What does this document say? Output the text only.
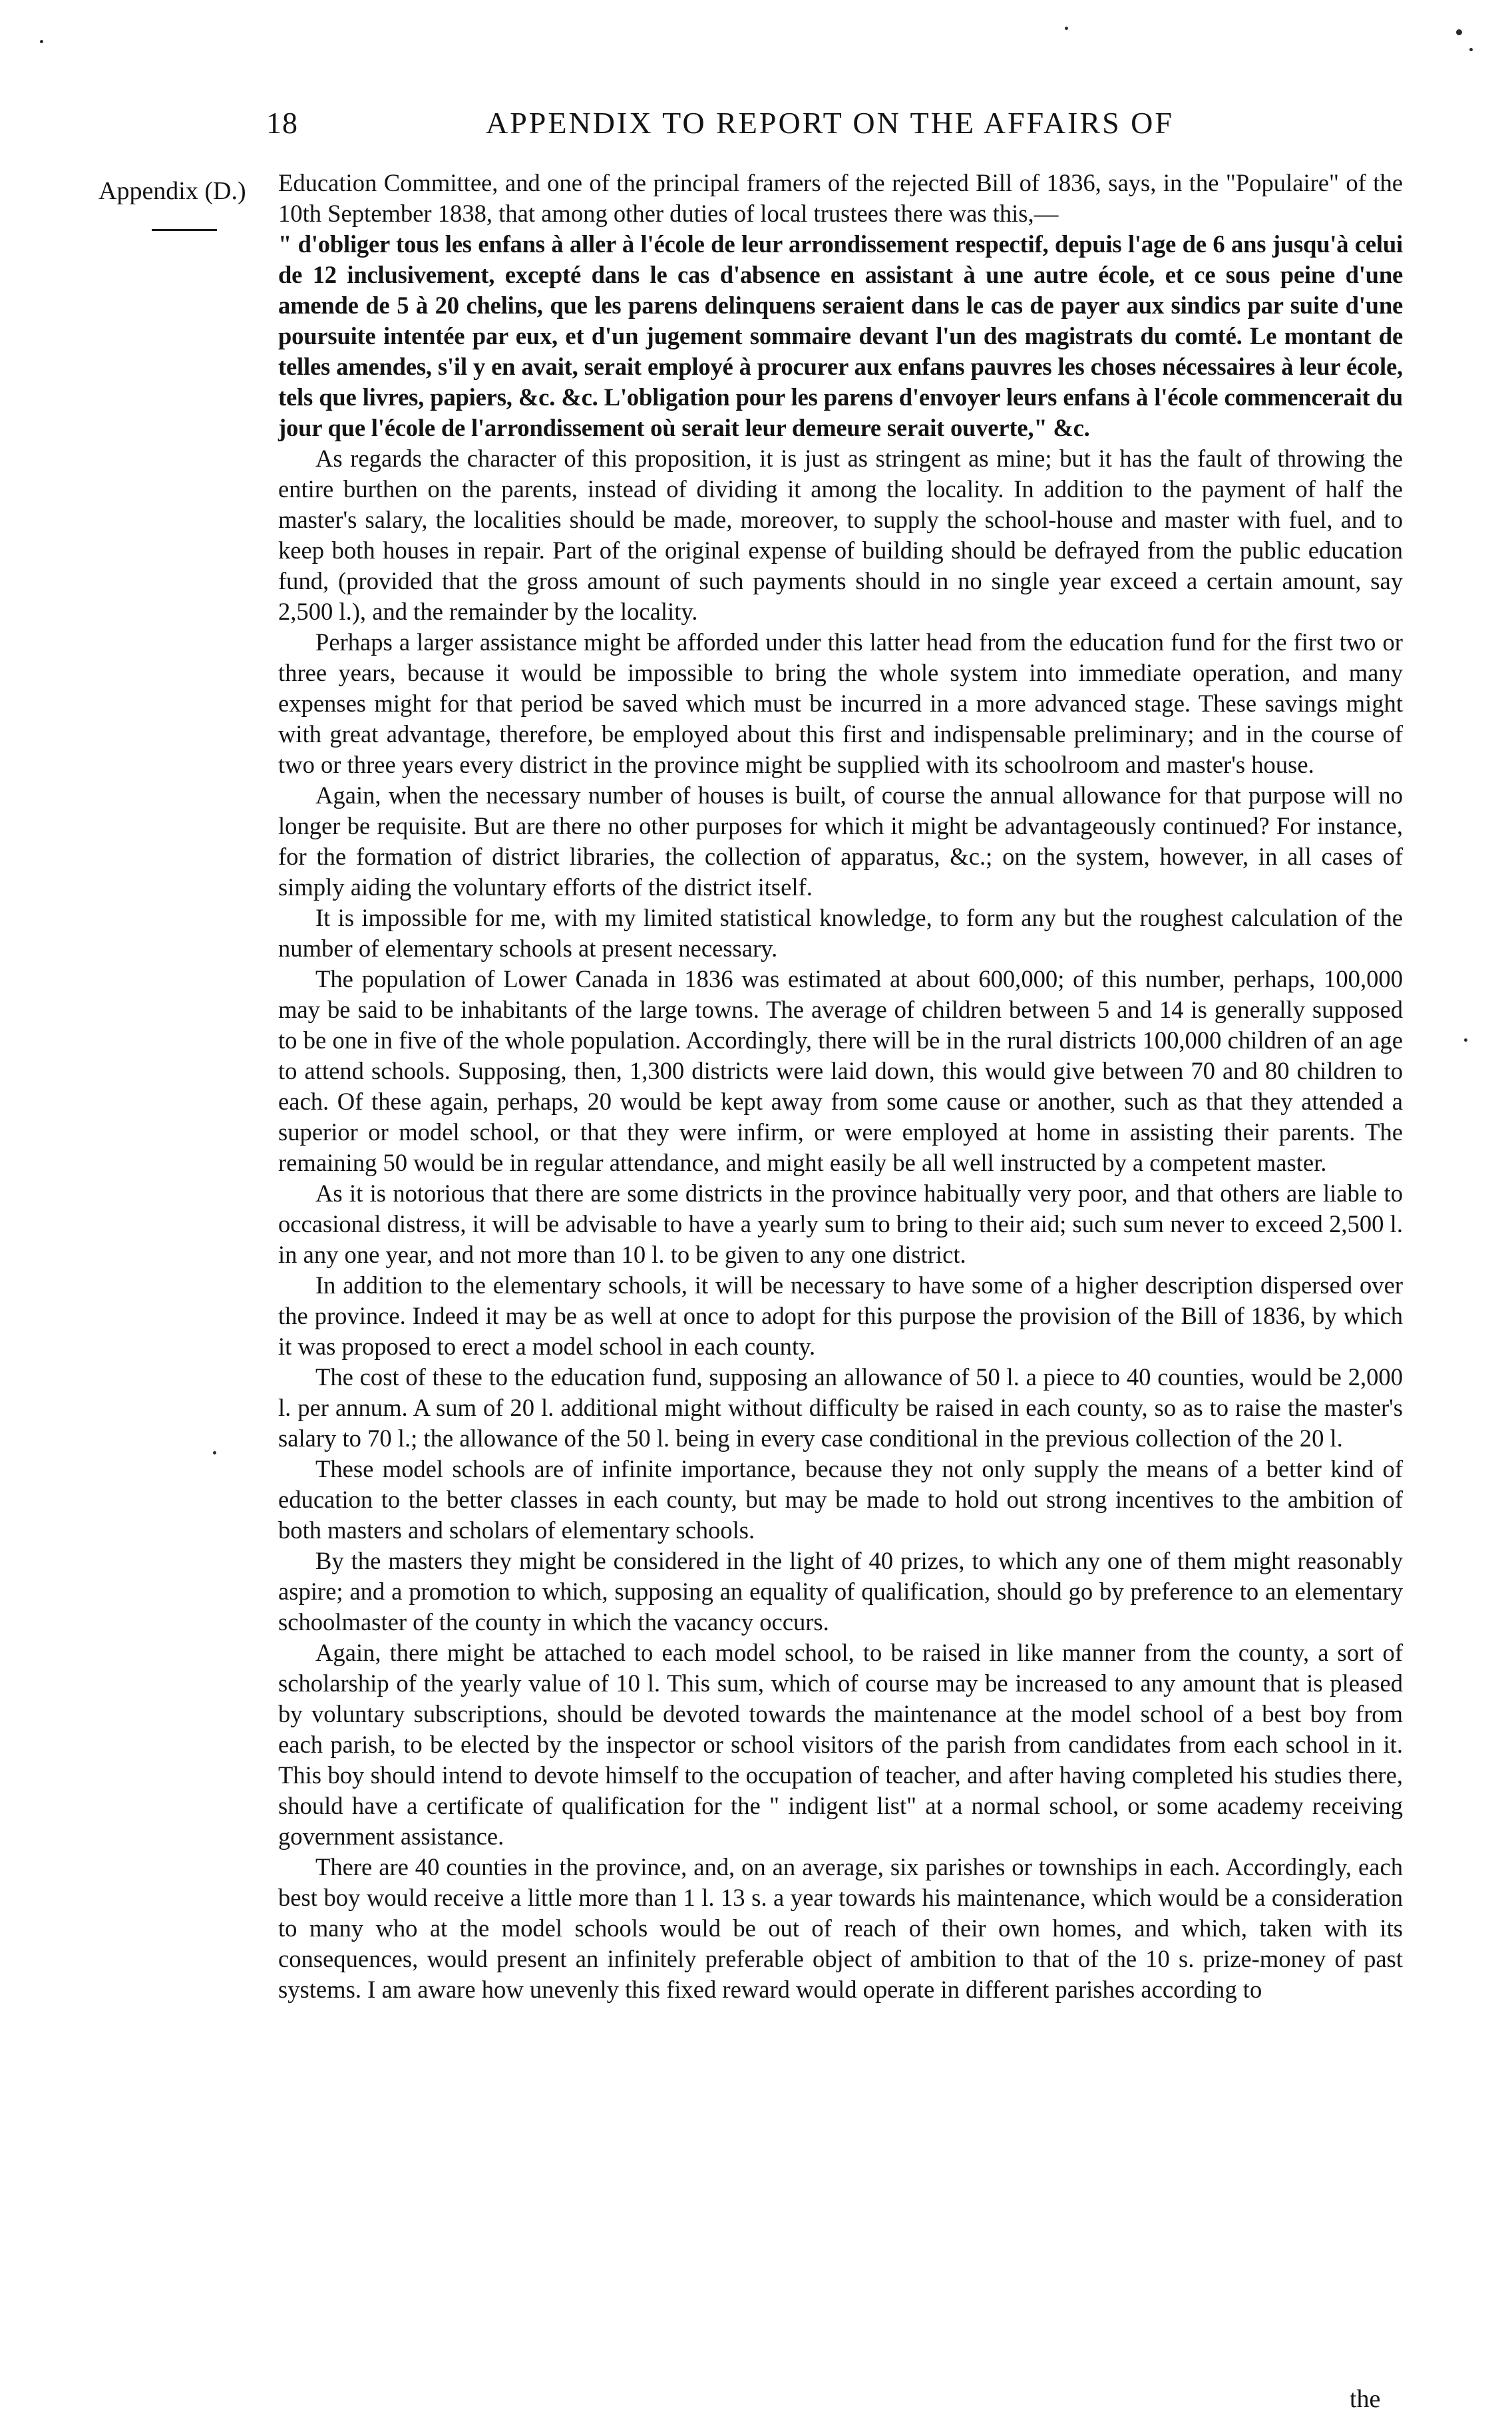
18	APPENDIX TO REPORT ON THE AFFAIRS OF
Appendix (D.) Education Committee, and one of the principal framers of the rejected Bill of 1836, says, in the "Populaire" of the 10th September 1838, that among other duties of local trustees there was this,—

" d'obliger tous les enfans à aller à l'école de leur arrondissement respectif, depuis l'age de 6 ans jusqu'à celui de 12 inclusivement, excepté dans le cas d'absence en assistant à une autre école, et ce sous peine d'une amende de 5 à 20 chelins, que les parens delinquens seraient dans le cas de payer aux sindics par suite d'une poursuite intentée par eux, et d'un jugement sommaire devant l'un des magistrats du comté. Le montant de telles amendes, s'il y en avait, serait employé à procurer aux enfans pauvres les choses nécessaires à leur école, tels que livres, papiers, &c. &c. L'obligation pour les parens d'envoyer leurs enfans à l'école commencerait du jour que l'école de l'arrondissement où serait leur demeure serait ouverte," &c.

As regards the character of this proposition, it is just as stringent as mine; but it has the fault of throwing the entire burthen on the parents, instead of dividing it among the locality. In addition to the payment of half the master's salary, the localities should be made, moreover, to supply the school-house and master with fuel, and to keep both houses in repair. Part of the original expense of building should be defrayed from the public education fund, (provided that the gross amount of such payments should in no single year exceed a certain amount, say 2,500 l.), and the remainder by the locality.

Perhaps a larger assistance might be afforded under this latter head from the education fund for the first two or three years, because it would be impossible to bring the whole system into immediate operation, and many expenses might for that period be saved which must be incurred in a more advanced stage. These savings might with great advantage, therefore, be employed about this first and indispensable preliminary; and in the course of two or three years every district in the province might be supplied with its schoolroom and master's house.

Again, when the necessary number of houses is built, of course the annual allowance for that purpose will no longer be requisite. But are there no other purposes for which it might be advantageously continued? For instance, for the formation of district libraries, the collection of apparatus, &c.; on the system, however, in all cases of simply aiding the voluntary efforts of the district itself.

It is impossible for me, with my limited statistical knowledge, to form any but the roughest calculation of the number of elementary schools at present necessary.

The population of Lower Canada in 1836 was estimated at about 600,000; of this number, perhaps, 100,000 may be said to be inhabitants of the large towns. The average of children between 5 and 14 is generally supposed to be one in five of the whole population. Accordingly, there will be in the rural districts 100,000 children of an age to attend schools. Supposing, then, 1,300 districts were laid down, this would give between 70 and 80 children to each. Of these again, perhaps, 20 would be kept away from some cause or another, such as that they attended a superior or model school, or that they were infirm, or were employed at home in assisting their parents. The remaining 50 would be in regular attendance, and might easily be all well instructed by a competent master.

As it is notorious that there are some districts in the province habitually very poor, and that others are liable to occasional distress, it will be advisable to have a yearly sum to bring to their aid; such sum never to exceed 2,500 l. in any one year, and not more than 10 l. to be given to any one district.

In addition to the elementary schools, it will be necessary to have some of a higher description dispersed over the province. Indeed it may be as well at once to adopt for this purpose the provision of the Bill of 1836, by which it was proposed to erect a model school in each county.

The cost of these to the education fund, supposing an allowance of 50 l. a piece to 40 counties, would be 2,000 l. per annum. A sum of 20 l. additional might without difficulty be raised in each county, so as to raise the master's salary to 70 l.; the allowance of the 50 l. being in every case conditional in the previous collection of the 20 l.

These model schools are of infinite importance, because they not only supply the means of a better kind of education to the better classes in each county, but may be made to hold out strong incentives to the ambition of both masters and scholars of elementary schools.

By the masters they might be considered in the light of 40 prizes, to which any one of them might reasonably aspire; and a promotion to which, supposing an equality of qualification, should go by preference to an elementary schoolmaster of the county in which the vacancy occurs.

Again, there might be attached to each model school, to be raised in like manner from the county, a sort of scholarship of the yearly value of 10 l. This sum, which of course may be increased to any amount that is pleased by voluntary subscriptions, should be devoted towards the maintenance at the model school of a best boy from each parish, to be elected by the inspector or school visitors of the parish from candidates from each school in it. This boy should intend to devote himself to the occupation of teacher, and after having completed his studies there, should have a certificate of qualification for the " indigent list" at a normal school, or some academy receiving government assistance.

There are 40 counties in the province, and, on an average, six parishes or townships in each. Accordingly, each best boy would receive a little more than 1 l. 13 s. a year towards his maintenance, which would be a consideration to many who at the model schools would be out of reach of their own homes, and which, taken with its consequences, would present an infinitely preferable object of ambition to that of the 10 s. prize-money of past systems. I am aware how unevenly this fixed reward would operate in different parishes according to

the
